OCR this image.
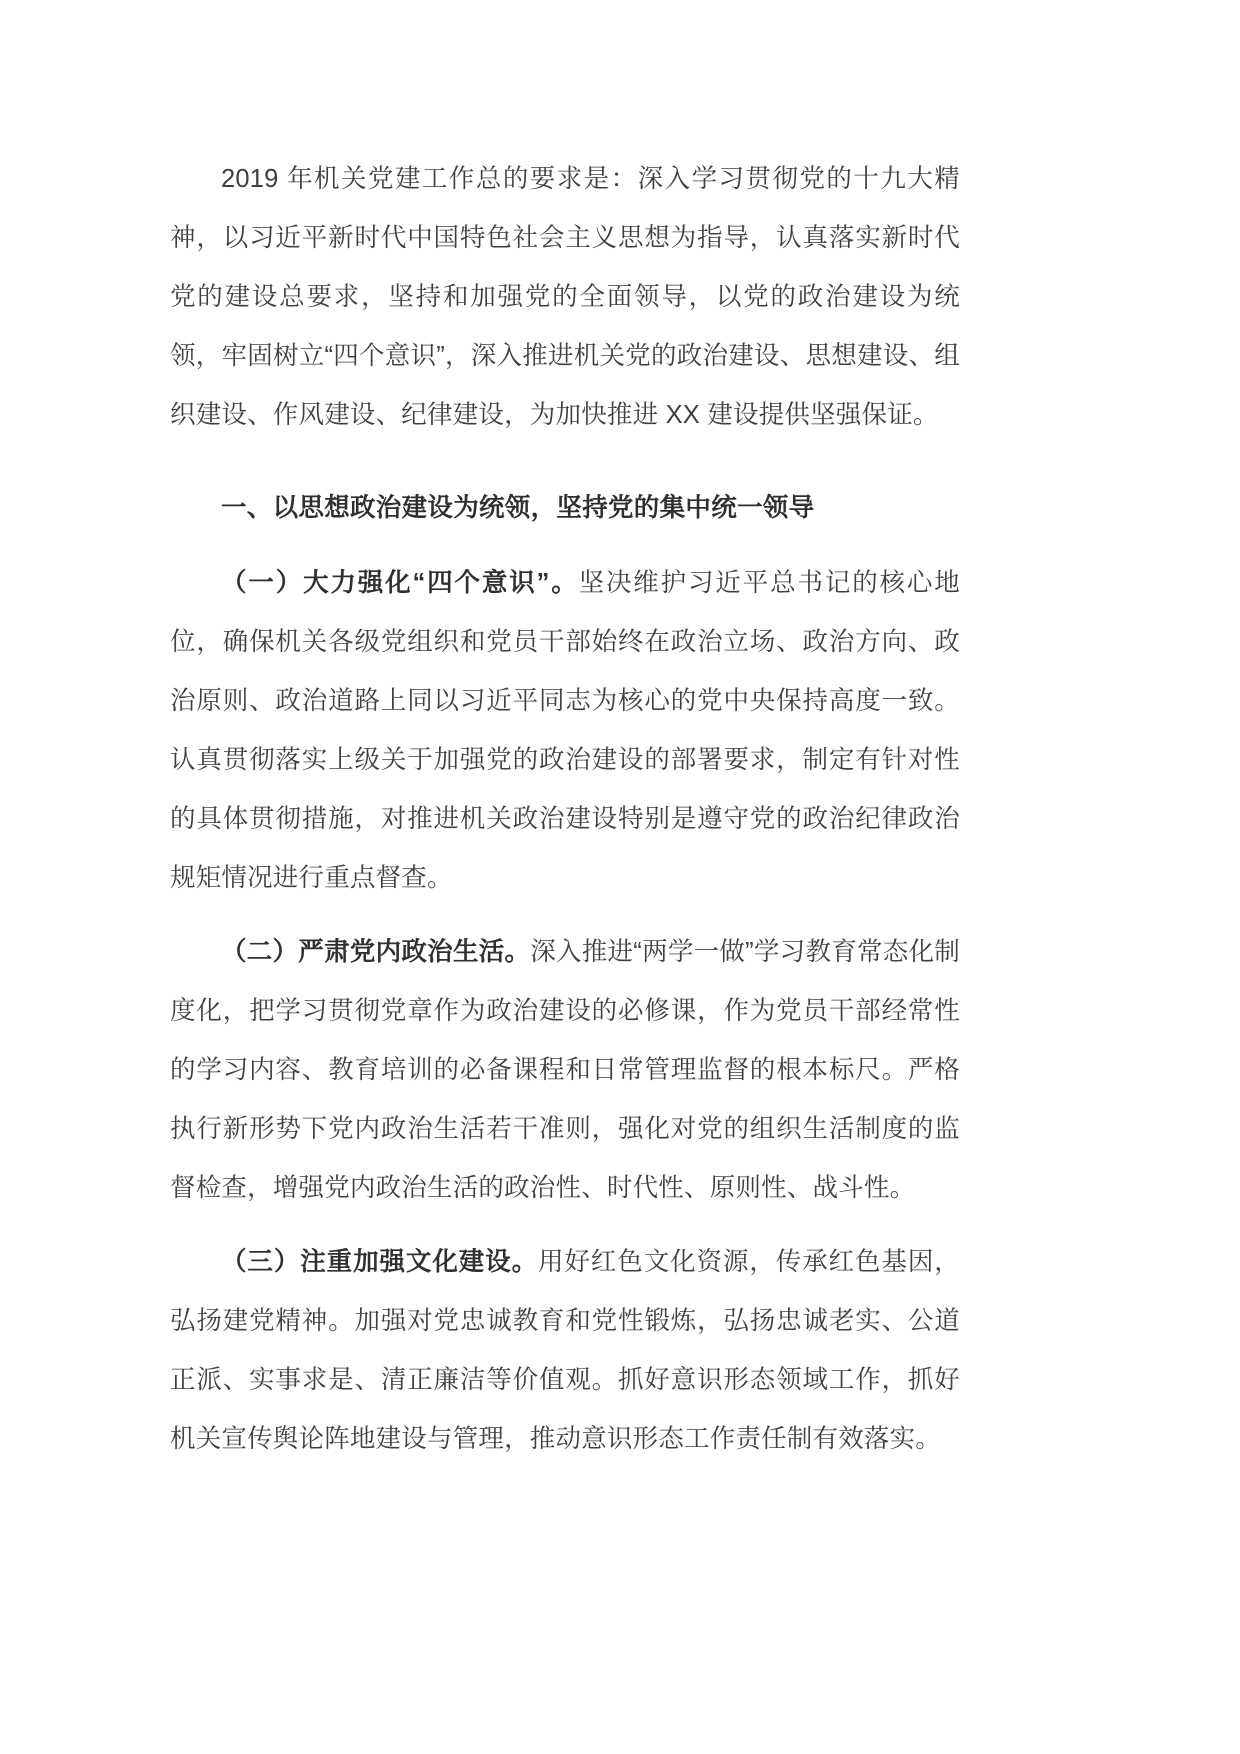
2019 年机关党建工作总的要求是：深入学习贯彻党的十九大精神，以习近平新时代中国特色社会主义思想为指导，认真落实新时代党的建设总要求，坚持和加强党的全面领导，以党的政治建设为统领，牢固树立“四个意识”，深入推进机关党的政治建设、思想建设、组织建设、作风建设、纪律建设，为加快推进 XX 建设提供坚强保证。

一、以思想政治建设为统领，坚持党的集中统一领导

（一）大力强化“四个意识”。坚决维护习近平总书记的核心地位，确保机关各级党组织和党员干部始终在政治立场、政治方向、政治原则、政治道路上同以习近平同志为核心的党中央保持高度一致。认真贯彻落实上级关于加强党的政治建设的部署要求，制定有针对性的具体贯彻措施，对推进机关政治建设特别是遵守党的政治纪律政治规矩情况进行重点督查。

（二）严肃党内政治生活。深入推进“两学一做”学习教育常态化制度化，把学习贯彻党章作为政治建设的必修课，作为党员干部经常性的学习内容、教育培训的必备课程和日常管理监督的根本标尺。严格执行新形势下党内政治生活若干准则，强化对党的组织生活制度的监督检查，增强党内政治生活的政治性、时代性、原则性、战斗性。

（三）注重加强文化建设。用好红色文化资源，传承红色基因，弘扬建党精神。加强对党忠诚教育和党性锻炼，弘扬忠诚老实、公道正派、实事求是、清正廉洁等价值观。抓好意识形态领域工作，抓好机关宣传舆论阵地建设与管理，推动意识形态工作责任制有效落实。
